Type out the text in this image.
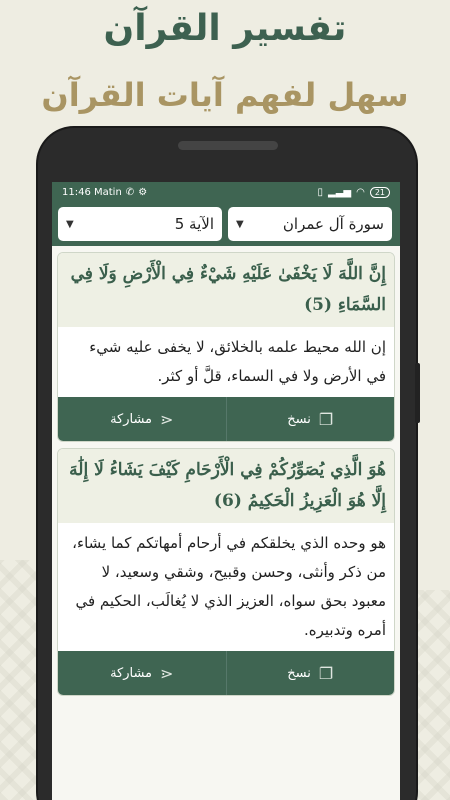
تفسير القرآن
سهل لفهم آيات القرآن
11:46 Matin ✆ ⚙	▯ ▂▃▅ ◠	21
الآية 5
▼	سورة آل عمران
▼
إِنَّ اللَّهَ لَا يَخْفَىٰ عَلَيْهِ شَيْءٌ فِي الْأَرْضِ وَلَا فِي السَّمَاءِ (5)
إن الله محيط علمه بالخلائق، لا يخفى عليه شيء في الأرض ولا في السماء، قلَّ أو كثر.
⋖
مشاركة	❐
نسخ
هُوَ الَّذِي يُصَوِّرُكُمْ فِي الْأَرْحَامِ كَيْفَ يَشَاءُ لَا إِلَٰهَ إِلَّا هُوَ الْعَزِيزُ الْحَكِيمُ (6)
هو وحده الذي يخلقكم في أرحام أمهاتكم كما يشاء، من ذكر وأنثى، وحسن وقبيح، وشقي وسعيد، لا معبود بحق سواه، العزيز الذي لا يُغالَب، الحكيم في أمره وتدبيره.
⋖
مشاركة	❐
نسخ
